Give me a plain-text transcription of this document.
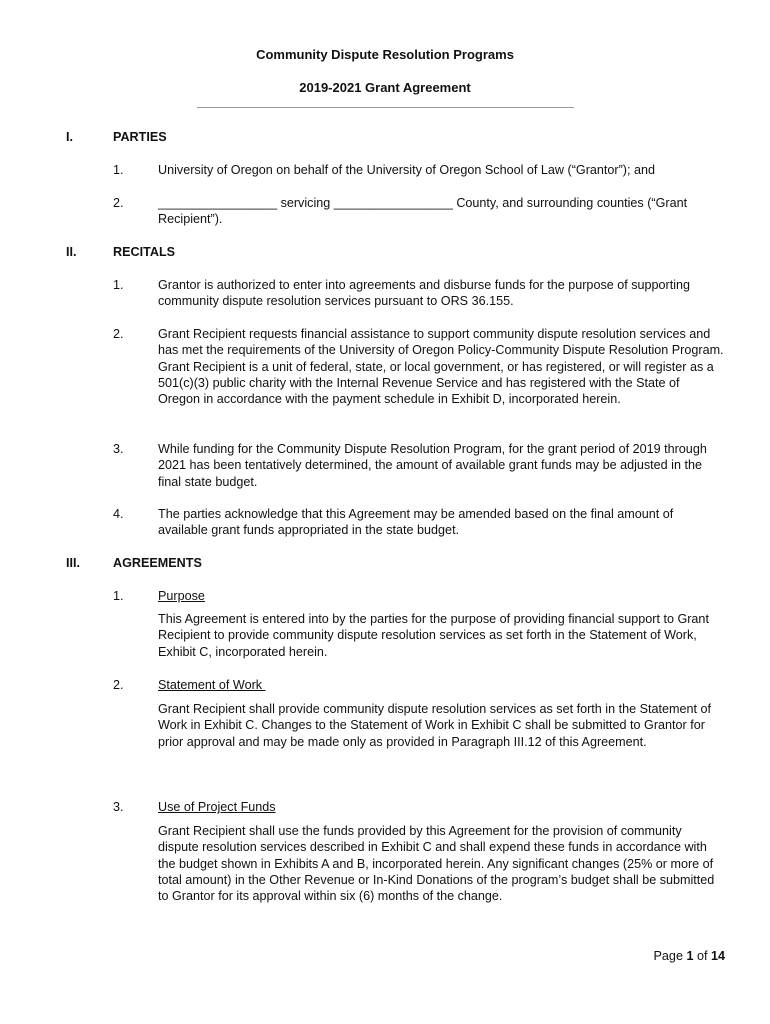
Community Dispute Resolution Programs
2019-2021 Grant Agreement
I.	PARTIES
1.	University of Oregon on behalf of the University of Oregon School of Law (“Grantor”); and
2.	_________________ servicing _________________ County, and surrounding counties (“Grant Recipient”).
II.	RECITALS
1.	Grantor is authorized to enter into agreements and disburse funds for the purpose of supporting community dispute resolution services pursuant to ORS 36.155.
2.	Grant Recipient requests financial assistance to support community dispute resolution services and has met the requirements of the University of Oregon Policy-Community Dispute Resolution Program. Grant Recipient is a unit of federal, state, or local government, or has registered, or will register as a 501(c)(3) public charity with the Internal Revenue Service and has registered with the State of Oregon in accordance with the payment schedule in Exhibit D, incorporated herein.
3.	While funding for the Community Dispute Resolution Program, for the grant period of 2019 through 2021 has been tentatively determined, the amount of available grant funds may be adjusted in the final state budget.
4.	The parties acknowledge that this Agreement may be amended based on the final amount of available grant funds appropriated in the state budget.
III.	AGREEMENTS
1.	Purpose
This Agreement is entered into by the parties for the purpose of providing financial support to Grant Recipient to provide community dispute resolution services as set forth in the Statement of Work, Exhibit C, incorporated herein.
2.	Statement of Work
Grant Recipient shall provide community dispute resolution services as set forth in the Statement of Work in Exhibit C. Changes to the Statement of Work in Exhibit C shall be submitted to Grantor for prior approval and may be made only as provided in Paragraph III.12 of this Agreement.
3.	Use of Project Funds
Grant Recipient shall use the funds provided by this Agreement for the provision of community dispute resolution services described in Exhibit C and shall expend these funds in accordance with the budget shown in Exhibits A and B, incorporated herein. Any significant changes (25% or more of total amount) in the Other Revenue or In-Kind Donations of the program’s budget shall be submitted to Grantor for its approval within six (6) months of the change.
Page 1 of 14
